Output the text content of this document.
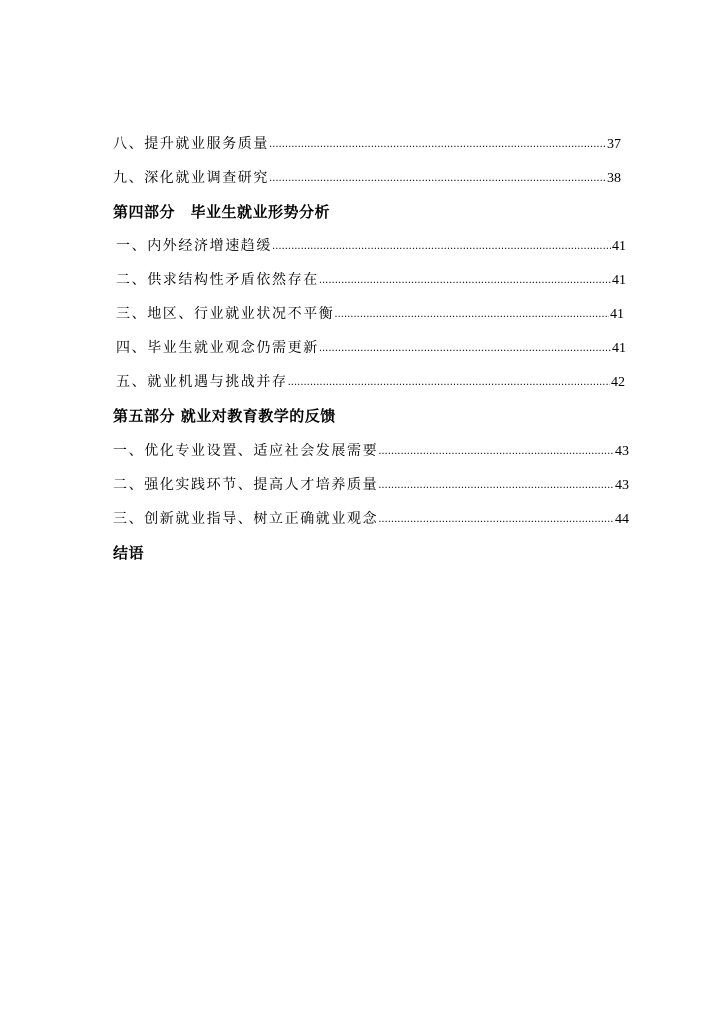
八、提升就业服务质量 .....	37
九、深化就业调查研究 .....	38
第四部分　毕业生就业形势分析
一、内外经济增速趋缓 .....	41
二、供求结构性矛盾依然存在 .....	41
三、地区、行业就业状况不平衡 .....	41
四、毕业生就业观念仍需更新 .....	41
五、就业机遇与挑战并存 .....	42
第五部分 就业对教育教学的反馈
一、优化专业设置、适应社会发展需要 .....	43
二、强化实践环节、提高人才培养质量 .....	43
三、创新就业指导、树立正确就业观念 .....	44
结语
